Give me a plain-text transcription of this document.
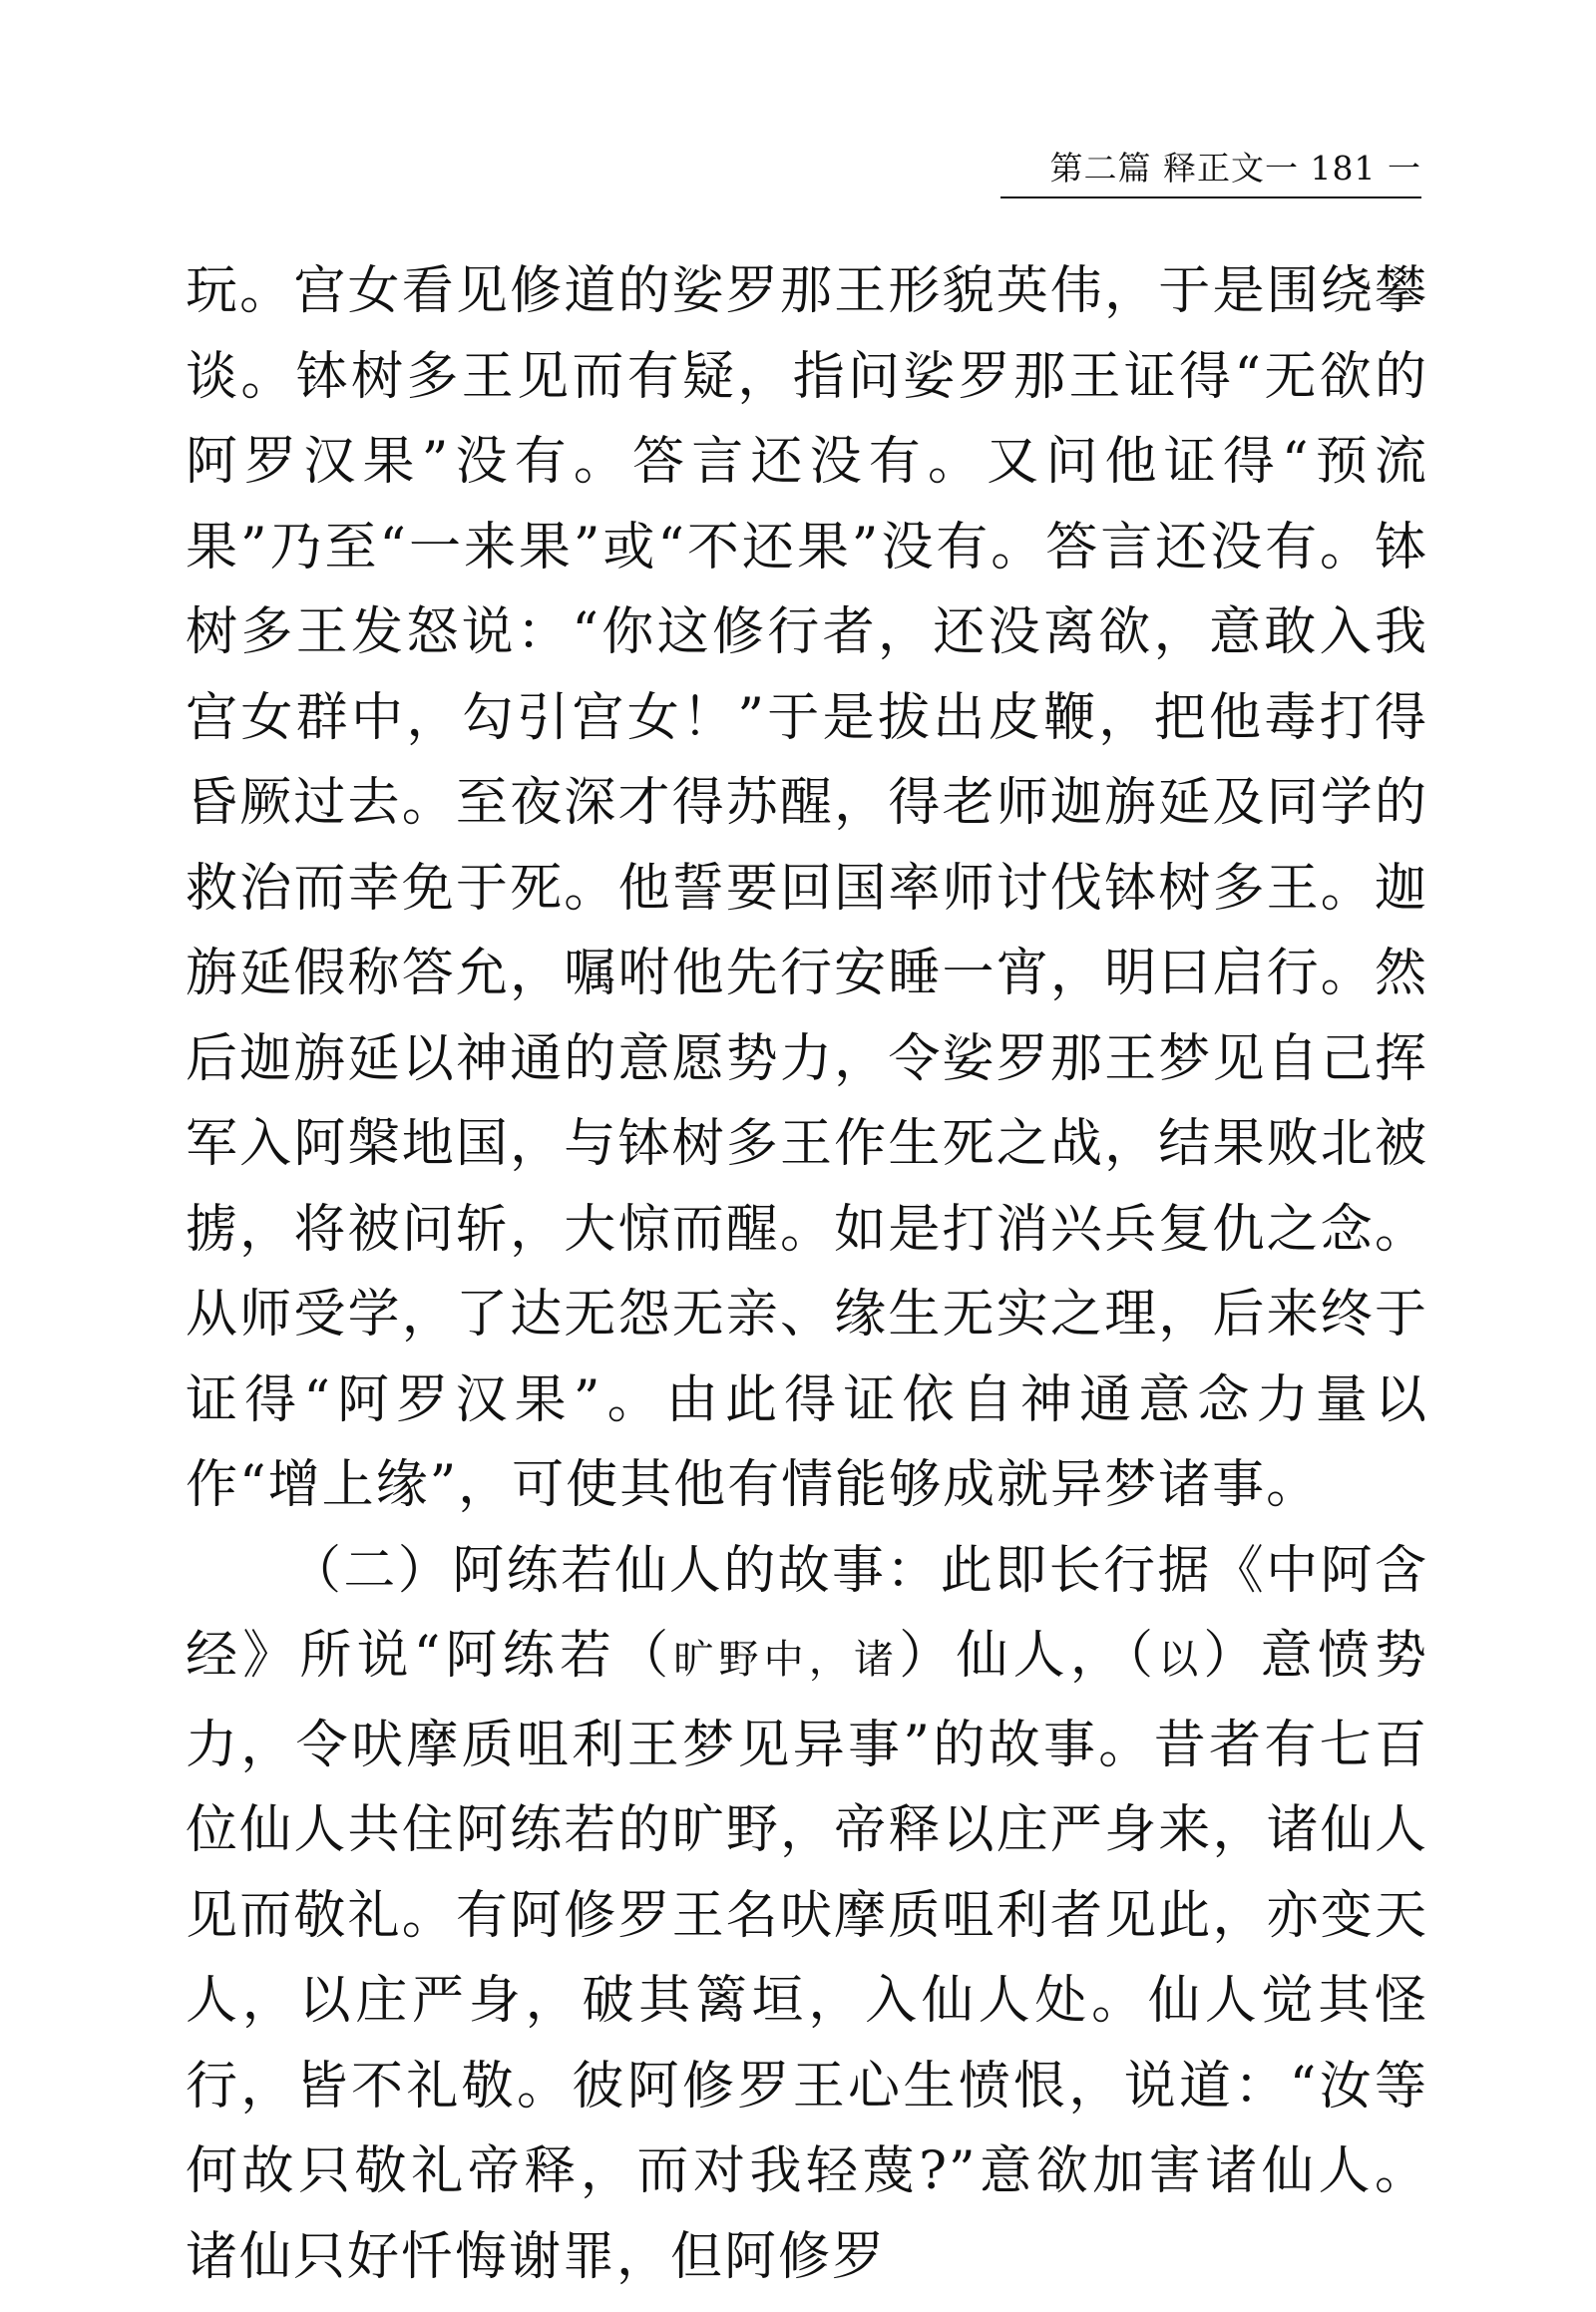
第二篇 释正文一 181 一

玩。宫女看见修道的娑罗那王形貌英伟，于是围绕攀谈。钵树多王见而有疑，指问娑罗那王证得“无欲的阿罗汉果”没有。答言还没有。又问他证得“预流果”乃至“一来果”或“不还果”没有。答言还没有。钵树多王发怒说：“你这修行者，还没离欲，意敢入我宫女群中，勾引宫女！”于是拔出皮鞭，把他毒打得昏厥过去。至夜深才得苏醒，得老师迦旃延及同学的救治而幸免于死。他誓要回国率师讨伐钵树多王。迦旃延假称答允，嘱咐他先行安睡一宵，明曰启行。然后迦旃延以神通的意愿势力，令娑罗那王梦见自己挥军入阿槃地国，与钵树多王作生死之战，结果败北被掳，将被问斩，大惊而醒。如是打消兴兵复仇之念。从师受学，了达无怨无亲、缘生无实之理，后来终于证得“阿罗汉果”。由此得证依自神通意念力量以作“增上缘”，可使其他有情能够成就异梦诸事。

（二）阿练若仙人的故事：此即长行据《中阿含经》所说“阿练若（旷野中，诸）仙人，（以）意愤势力，令吠摩质咀利王梦见异事”的故事。昔者有七百位仙人共住阿练若的旷野，帝释以庄严身来，诸仙人见而敬礼。有阿修罗王名吠摩质咀利者见此，亦变天人，以庄严身，破其篱垣，入仙人处。仙人觉其怪行，皆不礼敬。彼阿修罗王心生愤恨，说道：“汝等何故只敬礼帝释，而对我轻蔑?”意欲加害诸仙人。诸仙只好忏悔谢罪，但阿修罗
